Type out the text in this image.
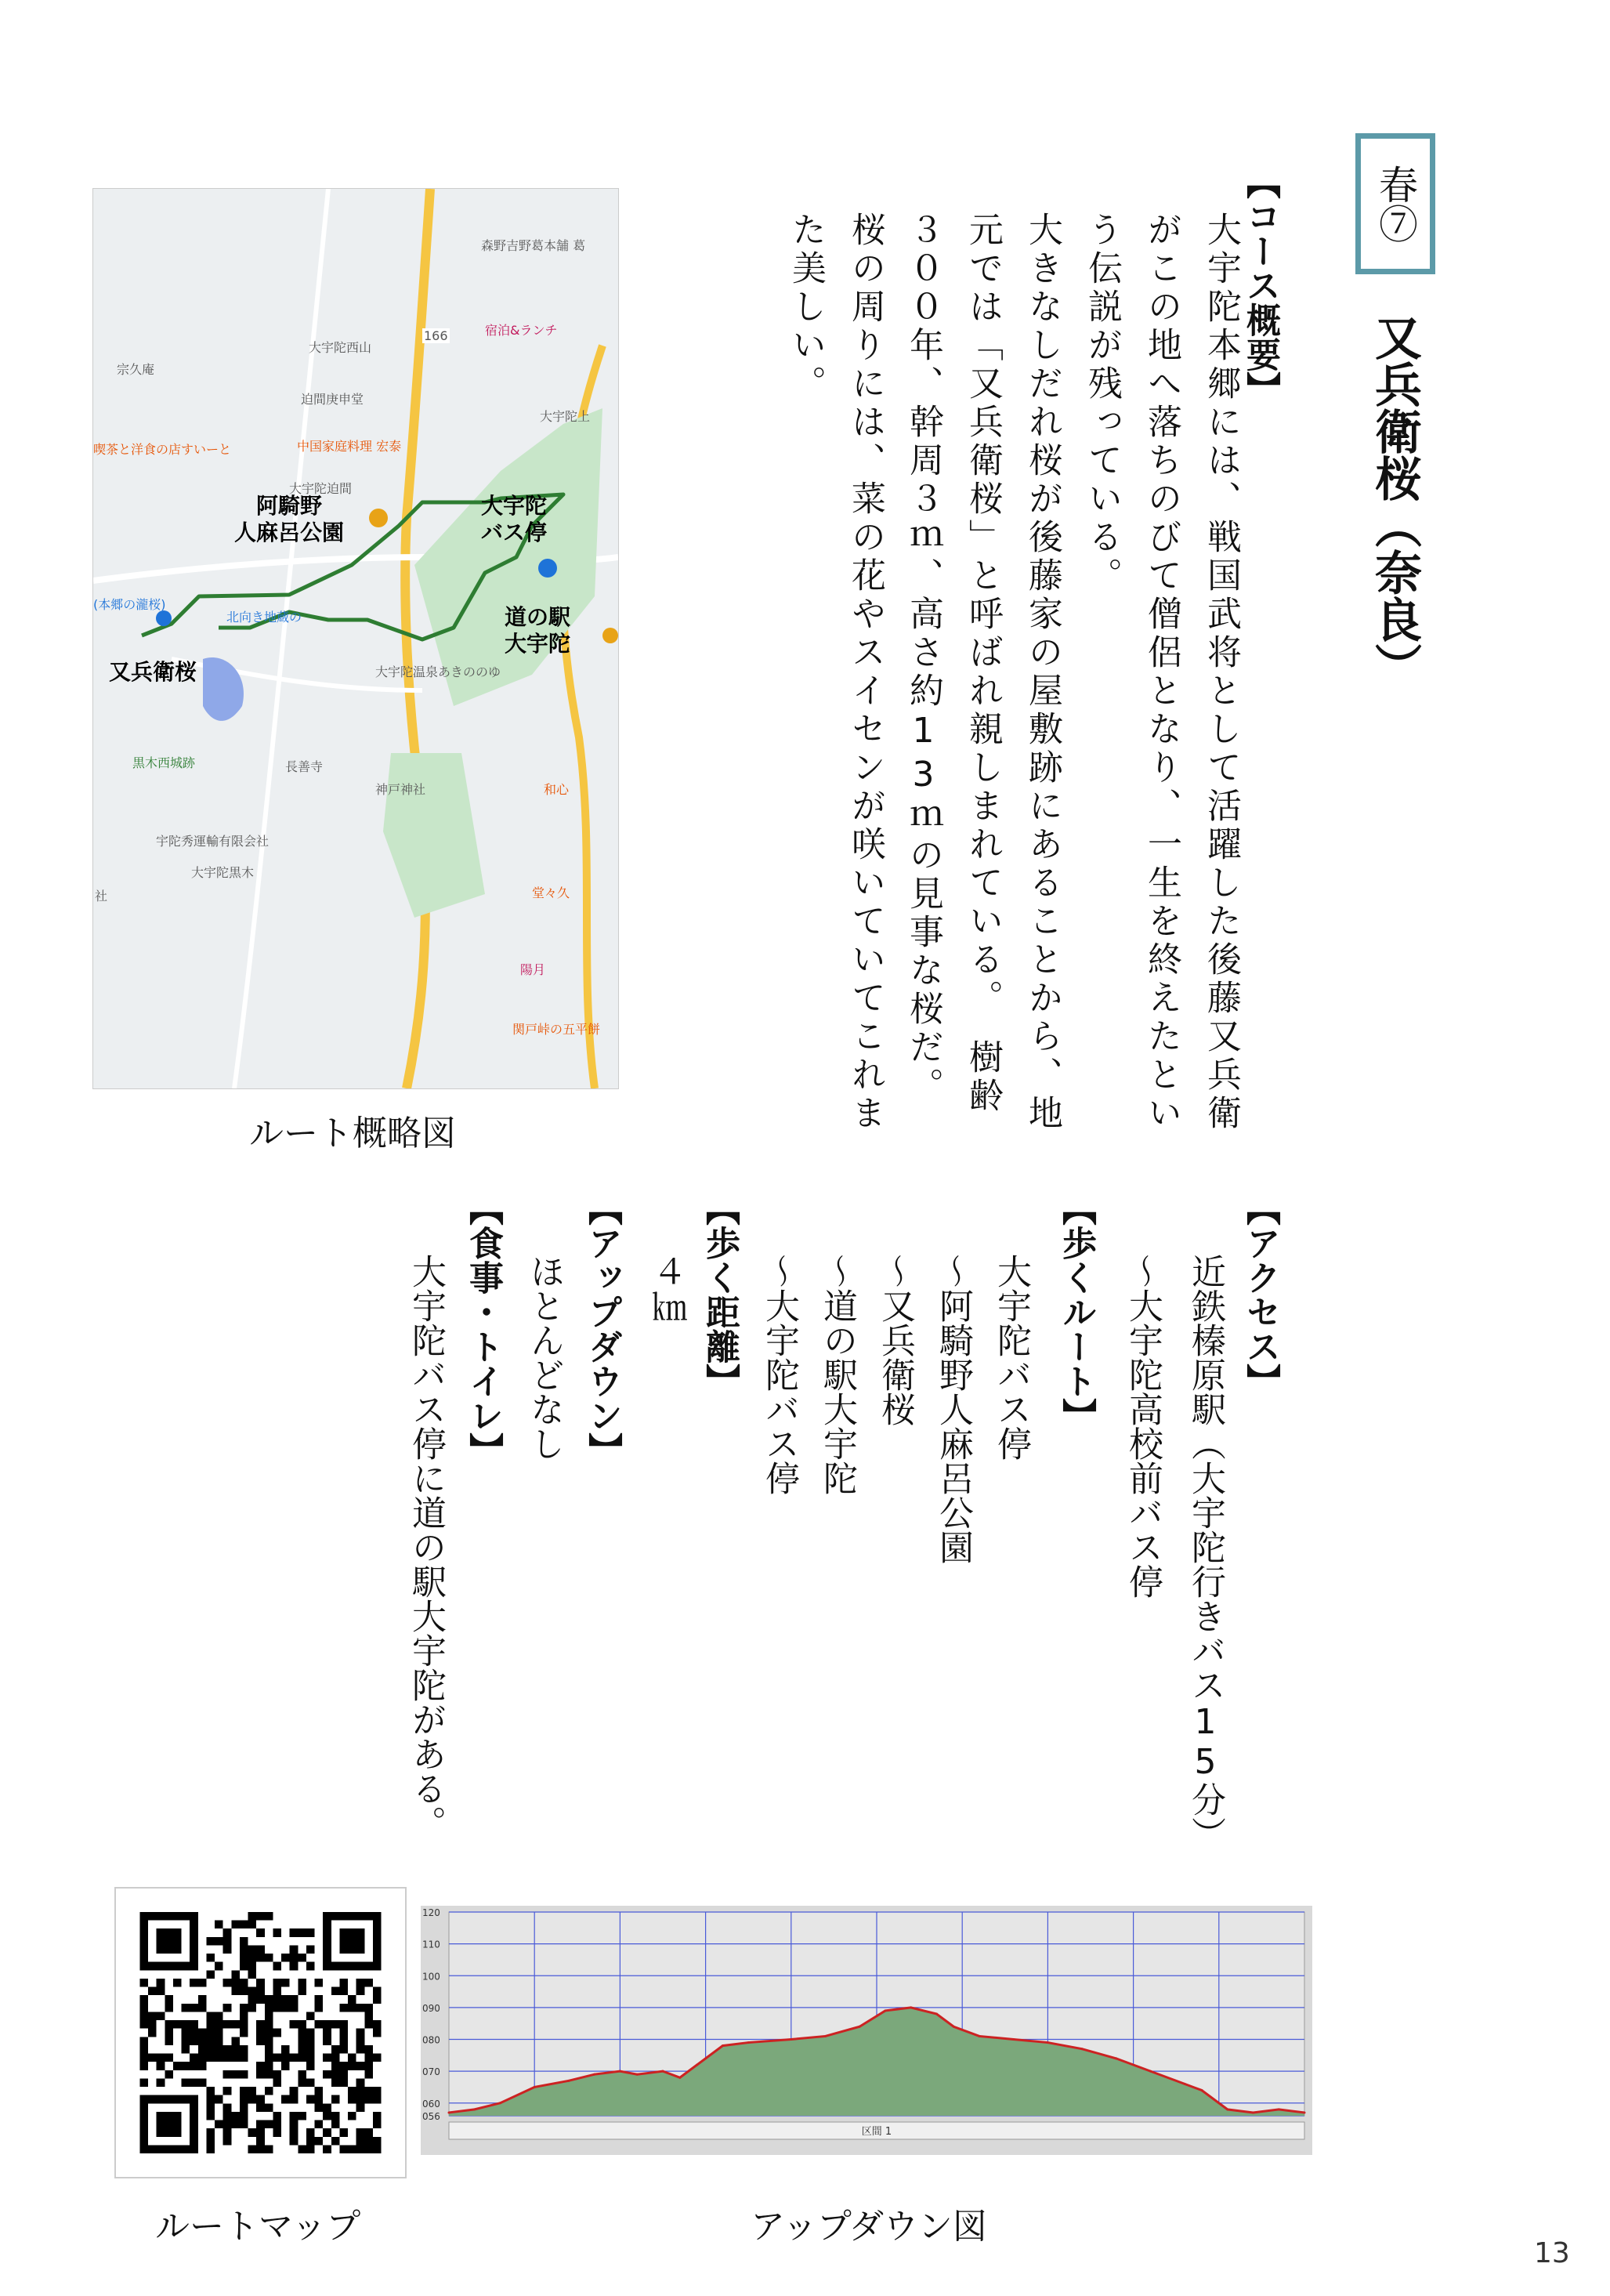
春⑦
又兵衛桜（奈良）
【コース概要】
大宇陀本郷には、戦国武将として活躍した後藤又兵衛がこの地へ落ちのびて僧侶となり、一生を終えたという伝説が残っている。
大きなしだれ桜が後藤家の屋敷跡にあることから、地元では「又兵衛桜」と呼ばれ親しまれている。　樹齢３００年、幹周３ｍ、高さ約13ｍの見事な桜だ。
桜の周りには、菜の花やスイセンが咲いていてこれまた美しい。
阿騎野
人麻呂公園
大宇陀
バス停
道の駅
大宇陀
又兵衛桜
森野吉野葛本舗 葛
宿泊&ランチ
大宇陀西山
宗久庵
迫間庚申堂
喫茶と洋食の店すいーと	中国家庭料理 宏泰
大宇陀迫間
(本郷の瀧桜)
北向き地蔵の
大宇陀温泉あきののゆ
黒木西城跡	長善寺
神戸神社
宇陀秀運輸有限会社
大宇陀黒木
和心
堂々久
陽月
関戸峠の五平餅
大宇陀上
166
社
ルート概略図
【アクセス】
近鉄榛原駅（大宇陀行きバス15分）
～大宇陀高校前バス停
【歩くルート】
大宇陀バス停
～阿騎野人麻呂公園
～又兵衛桜
～道の駅大宇陀
～大宇陀バス停
【歩く距離】
４㎞
【アップダウン】
ほとんどなし
【食事・トイレ】
大宇陀バス停に道の駅大宇陀がある。
ルートマップ
120
110
100
090
080
070
060
056
区間 1
アップダウン図
13
